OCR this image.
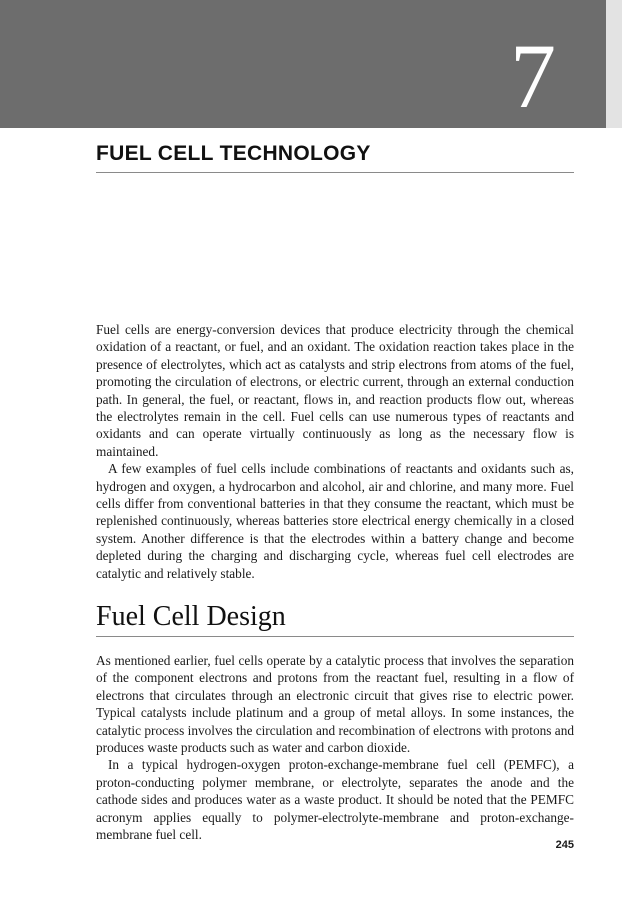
7
FUEL CELL TECHNOLOGY

Fuel cells are energy-conversion devices that produce electricity through the chemical oxidation of a reactant, or fuel, and an oxidant. The oxidation reaction takes place in the presence of electrolytes, which act as catalysts and strip electrons from atoms of the fuel, promoting the circulation of electrons, or electric current, through an external conduction path. In general, the fuel, or reactant, flows in, and reaction products flow out, whereas the electrolytes remain in the cell. Fuel cells can use numerous types of reactants and oxidants and can operate virtually continuously as long as the necessary flow is maintained.

A few examples of fuel cells include combinations of reactants and oxidants such as, hydrogen and oxygen, a hydrocarbon and alcohol, air and chlorine, and many more. Fuel cells differ from conventional batteries in that they consume the reactant, which must be replenished continuously, whereas batteries store electrical energy chemically in a closed system. Another difference is that the electrodes within a battery change and become depleted during the charging and discharging cycle, whereas fuel cell electrodes are catalytic and relatively stable.

Fuel Cell Design

As mentioned earlier, fuel cells operate by a catalytic process that involves the separation of the component electrons and protons from the reactant fuel, resulting in a flow of electrons that circulates through an electronic circuit that gives rise to electric power. Typical catalysts include platinum and a group of metal alloys. In some instances, the catalytic process involves the circulation and recombination of electrons with protons and produces waste products such as water and carbon dioxide.

In a typical hydrogen-oxygen proton-exchange-membrane fuel cell (PEMFC), a proton-conducting polymer membrane, or electrolyte, separates the anode and the cathode sides and produces water as a waste product. It should be noted that the PEMFC acronym applies equally to polymer-electrolyte-membrane and proton-exchange-membrane fuel cell.

245
